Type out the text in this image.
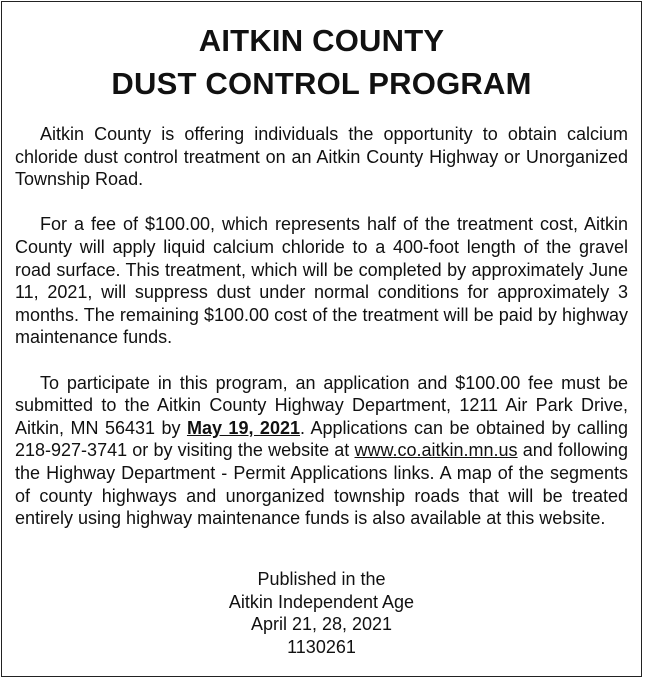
AITKIN COUNTY
DUST CONTROL PROGRAM

Aitkin County is offering individuals the opportunity to obtain calcium chloride dust control treatment on an Aitkin County Highway or Unorganized Township Road.

For a fee of $100.00, which represents half of the treatment cost, Aitkin County will apply liquid calcium chloride to a 400-foot length of the gravel road surface. This treatment, which will be completed by approximately June 11, 2021, will suppress dust under normal conditions for approximately 3 months. The remaining $100.00 cost of the treatment will be paid by highway maintenance funds.

To participate in this program, an application and $100.00 fee must be submitted to the Aitkin County Highway Department, 1211 Air Park Drive, Aitkin, MN 56431 by May 19, 2021. Applications can be obtained by calling 218-927-3741 or by visiting the website at www.co.aitkin.mn.us and following the Highway Department - Permit Applications links. A map of the segments of county highways and unorganized township roads that will be treated entirely using highway maintenance funds is also available at this website.

Published in the
Aitkin Independent Age
April 21, 28, 2021
1130261
